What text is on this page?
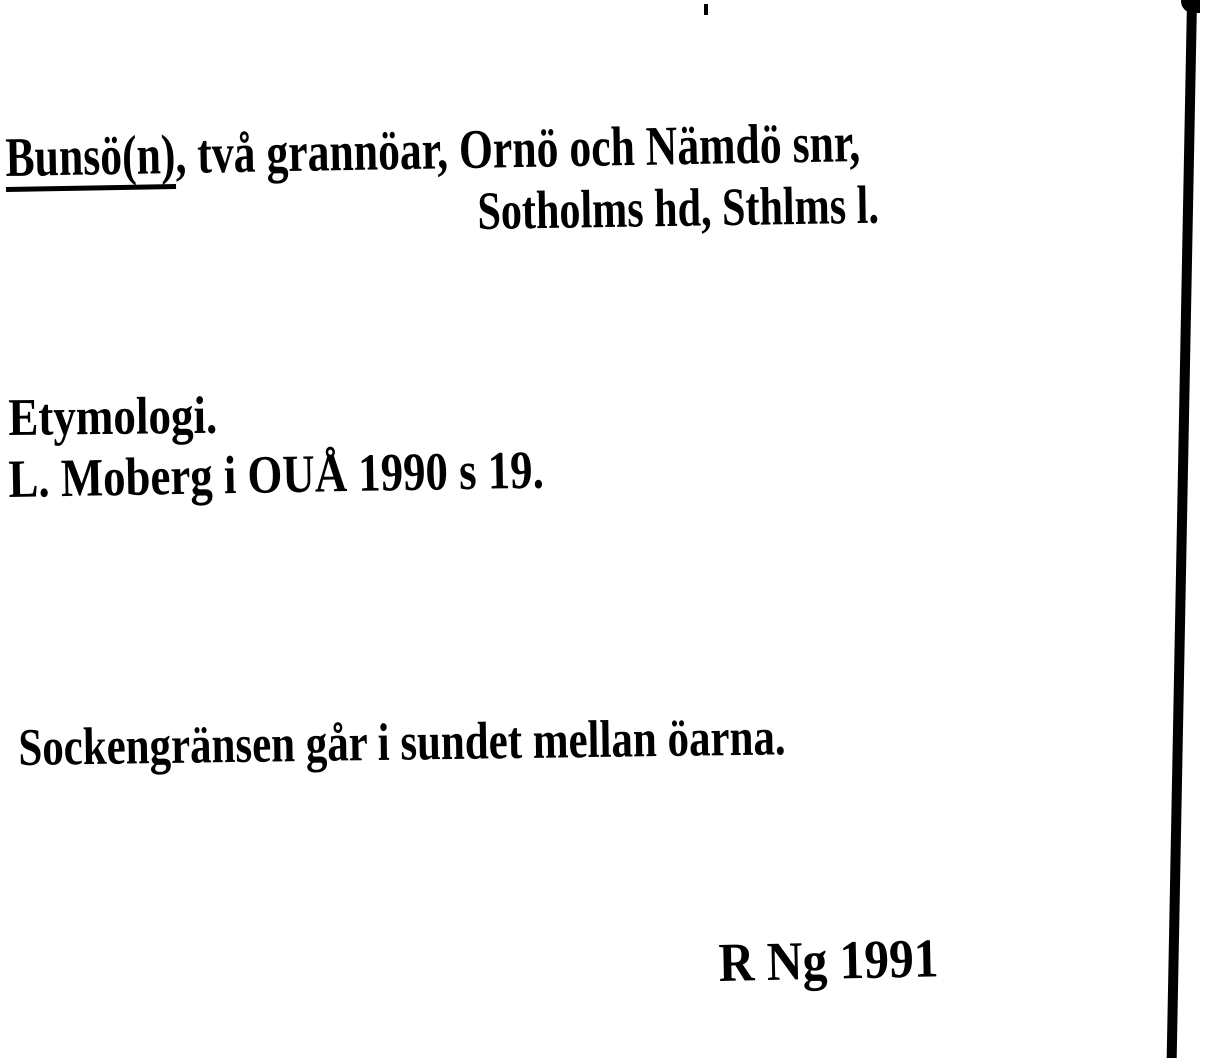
Bunsö(n), två grannöar, Ornö och Nämdö snr,
Sotholms hd, Sthlms l.
Etymologi.
L. Moberg i OUÅ 1990 s 19.
Sockengränsen går i sundet mellan öarna.
R Ng 1991
